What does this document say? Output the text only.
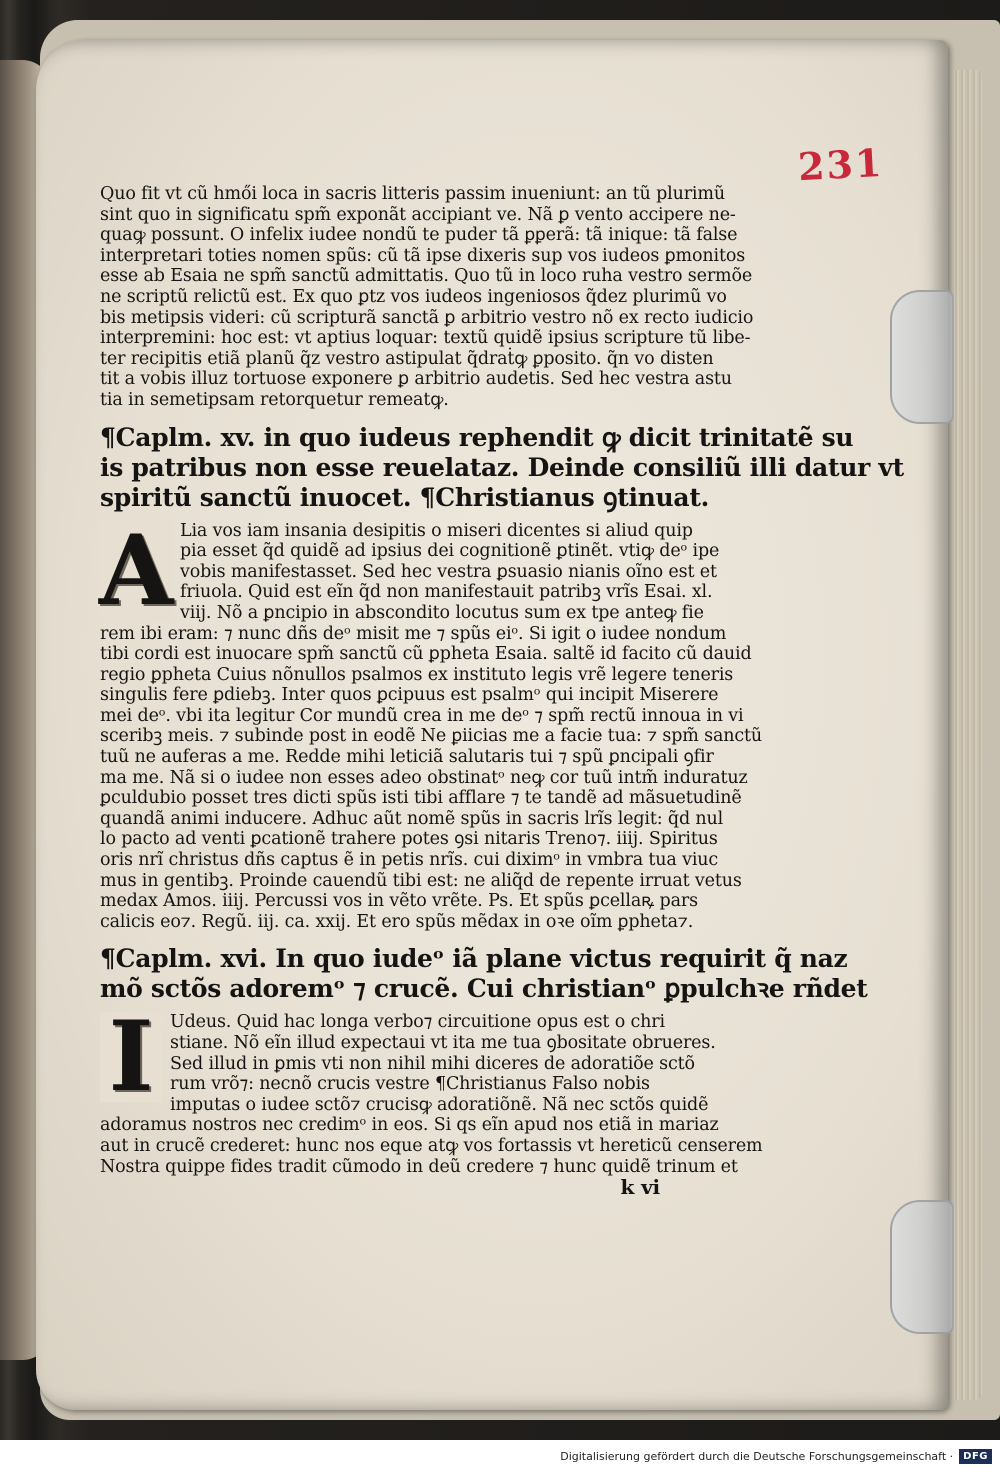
231
Quo fit vt cũ hmői loca in sacris litteris passim inueniunt: an tũ plurimũ
sint quo in significatu spm̃ exponãt accipiant ve. Nã ꝑ vento accipere ne-
quaꝙ possunt. O infelix iudee nondũ te puder tã ꝑꝑerã: tã inique: tã false
interpretari toties nomen spũs: cũ tã ipse dixeris sup vos iudeos ꝑmonitos
esse ab Esaia ne spm̃ sanctũ admittatis. Quo tũ in loco ruha vestro sermõe
ne scriptũ relictũ est. Ex quo ꝑtz vos iudeos ingeniosos q̃dez plurimũ vo
bis metipsis videri: cũ scripturã sanctã ꝑ arbitrio vestro nõ ex recto iudicio
interpremini: hoc est: vt aptius loquar: textũ quidẽ ipsius scripture tũ libe-
ter recipitis etiã planũ q̃z vestro astipulat q̃draṫꝙ ꝑposito. q̃n vo disten
tit a vobis illuz tortuose exponere ꝑ arbitrio audetis. Sed hec vestra astu
tia in semetipsam retorquetur remeatꝙ.
¶Caplm. xv. in quo iudeus rephendit ꝙ dicit trinitatẽ su
is patribus non esse reuelataz. Deinde consiliũ illi datur vt
spiritũ sanctũ inuocet. ¶Christianus ꝯtinuat.
A Lia vos iam insania desipitis o miseri dicentes si aliud quip
pia esset q̃d quidẽ ad ipsius dei cognitionẽ ꝑtinẽt. vtiꝙ deᵒ ipe
vobis manifestasset. Sed hec vestra ꝑsuasio nianis oĩno est et
friuola. Quid est eĩn q̃d non manifestauit patribꝫ vrĩs Esai. xl.
viij. Nõ a ꝑncipio in abscondito locutus sum ex tpe anteꝙ fie
rem ibi eram: ⁊ nunc dñs deᵒ misit me ⁊ spũs eiᵒ. Si igit o iudee nondum
tibi cordi est inuocare spm̃ sanctũ cũ ꝑpheta Esaia. saltẽ id facito cũ dauid
regio ꝑpheta Cuius nõnullos psalmos ex instituto legis vrẽ legere teneris
singulis fere ꝑdiebꝫ. Inter quos ꝑcipuus est psalmᵒ qui incipit Miserere
mei deᵒ. vbi ita legitur Cor mundũ crea in me deᵒ ⁊ spm̃ rectũ innoua in vi
sceribꝫ meis. ⁊ subinde post in eodẽ Ne ꝑiicias me a facie tua: ⁊ spm̃ sanctũ
tuũ ne auferas a me. Redde mihi leticiã salutaris tui ⁊ spũ ꝑncipali ꝯfir
ma me. Nã si o iudee non esses adeo obstinatᵒ neꝙ cor tuũ intm̃ induratuz
ꝑculdubio posset tres dicti spũs isti tibi afflare ⁊ te tandẽ ad mãsuetudinẽ
quandã animi inducere. Adhuc aũt nomẽ spũs in sacris lrĩs legit: q̃d nul
lo pacto ad venti ꝑcationẽ trahere potes ꝯsi nitaris Treno⁊. iiij. Spiritus
oris nrĩ christus dñs captus ẽ in petis nrĩs. cui diximᵒ in vmbra tua viuc
mus in gentibꝫ. Proinde cauendũ tibi est: ne aliq̃d de repente irruat vetus
medax Amos. iiij. Percussi vos in vẽto vrẽte. Ps. Et spũs ꝑcellaꝶ pars
calicis eo⁊. Regũ. iij. ca. xxij. Et ero spũs mẽdax in oꝛe oĩm ꝑpheta⁊.
¶Caplm. xvi. In quo iudeᵒ iã plane victus requirit q̃ naz
mõ sctõs adoremᵒ ⁊ crucẽ. Cui christianᵒ ꝑpulchꝛe rñdet
I Udeus. Quid hac longa verbo⁊ circuitione opus est o chri
stiane. Nõ eĩn illud expectaui vt ita me tua ꝯbositate obrueres.
Sed illud in ꝑmis vti non nihil mihi diceres de adoratiõe sctõ
rum vrõ⁊: necnõ crucis vestre ¶Christianus Falso nobis
imputas o iudee sctõ⁊ crucisꝙ adoratiõnẽ. Nã nec sctõs quidẽ
adoramus nostros nec credimᵒ in eos. Si qs eĩn apud nos etiã in mariaz
aut in crucẽ crederet: hunc nos eque atꝙ vos fortassis vt hereticũ censerem
Nostra quippe fides tradit cũmodo in deũ credere ⁊ hunc quidẽ trinum et
k vi
Digitalisierung gefördert durch die Deutsche Forschungsgemeinschaft ·	DFG
